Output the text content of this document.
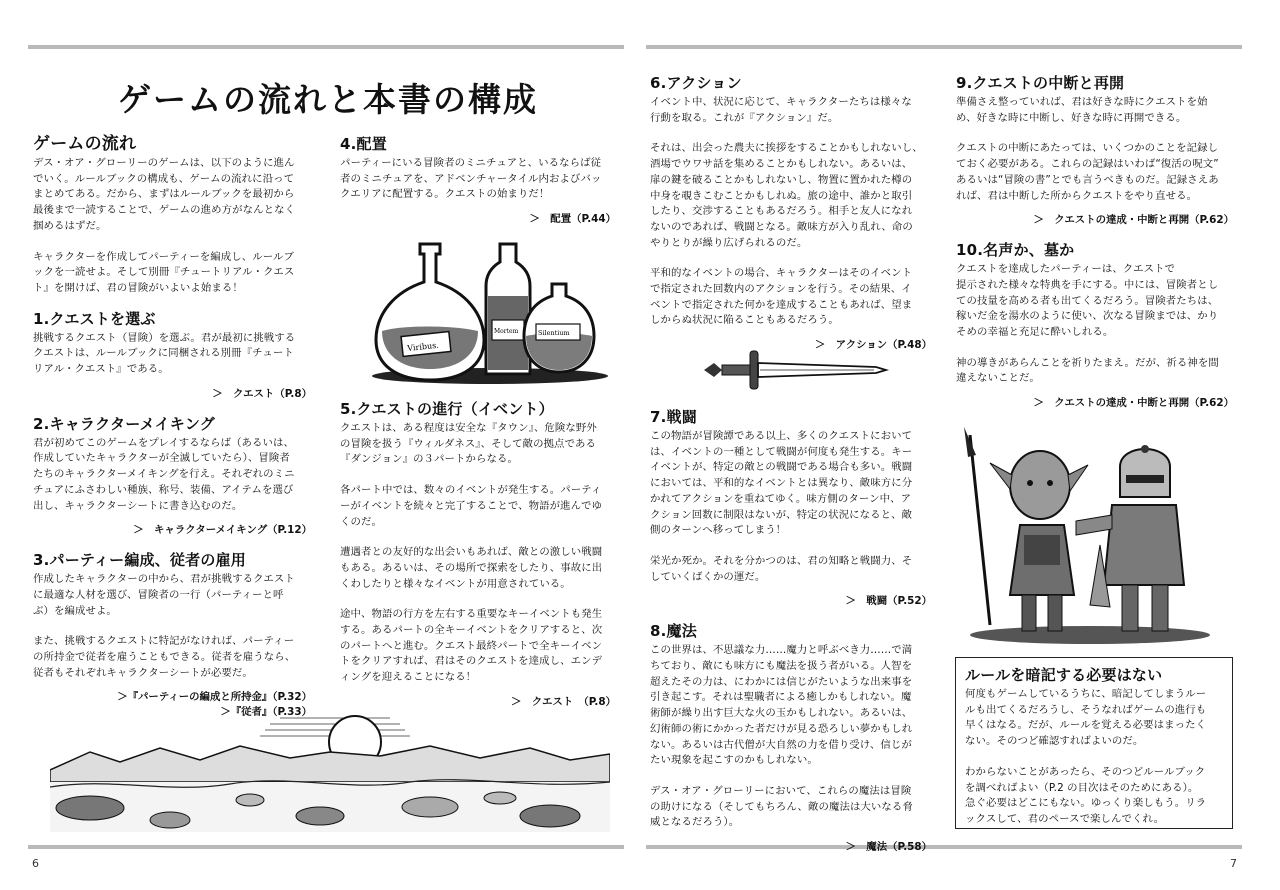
6	7
ゲームの流れと本書の構成
ゲームの流れ
デス・オア・グローリーのゲームは、以下のように進ん
でいく。ルールブックの構成も、ゲームの流れに沿って
まとめてある。だから、まずはルールブックを最初から
最後まで一読することで、ゲームの進め方がなんとなく
掴めるはずだ。
キャラクターを作成してパーティーを編成し、ルールブ
ックを一読せよ。そして別冊『チュートリアル・クエス
ト』を開けば、君の冒険がいよいよ始まる！
1.クエストを選ぶ
挑戦するクエスト（冒険）を選ぶ。君が最初に挑戦する
クエストは、ルールブックに同梱される別冊『チュート
リアル・クエスト』である。
＞　クエスト（P.8）
2.キャラクターメイキング
君が初めてこのゲームをプレイするならば（あるいは、
作成していたキャラクターが全滅していたら）、冒険者
たちのキャラクターメイキングを行え。それぞれのミニ
チュアにふさわしい種族、称号、装備、アイテムを選び
出し、キャラクターシートに書き込むのだ。
＞　キャラクターメイキング（P.12）
3.パーティー編成、従者の雇用
作成したキャラクターの中から、君が挑戦するクエスト
に最適な人材を選び、冒険者の一行（パーティーと呼
ぶ）を編成せよ。
また、挑戦するクエストに特記がなければ、パーティー
の所持金で従者を雇うこともできる。従者を雇うなら、
従者もそれぞれキャラクターシートが必要だ。
＞『パーティーの編成と所持金』（P.32）
＞『従者』（P.33）
4.配置
パーティーにいる冒険者のミニチュアと、いるならば従
者のミニチュアを、アドベンチャータイル内およびバッ
クエリアに配置する。クエストの始まりだ！
＞　配置（P.44）
Viribus.
Mortem	Silentium
5.クエストの進行（イベント）
クエストは、ある程度は安全な『タウン』、危険な野外
の冒険を扱う『ウィルダネス』、そして敵の拠点である
『ダンジョン』の３パートからなる。
各パート中では、数々のイベントが発生する。パーティ
ーがイベントを続々と完了することで、物語が進んでゆ
くのだ。
遭遇者との友好的な出会いもあれば、敵との激しい戦闘
もある。あるいは、その場所で探索をしたり、事故に出
くわしたりと様々なイベントが用意されている。
途中、物語の行方を左右する重要なキーイベントも発生
する。あるパートの全キーイベントをクリアすると、次
のパートへと進む。クエスト最終パートで全キーイベン
トをクリアすれば、君はそのクエストを達成し、エンデ
ィングを迎えることになる！
＞　クエスト　（P.8）
6.アクション
イベント中、状況に応じて、キャラクターたちは様々な
行動を取る。これが『アクション』だ。
それは、出会った農夫に挨拶をすることかもしれないし、
酒場でウワサ話を集めることかもしれない。あるいは、
扉の鍵を破ることかもしれないし、物置に置かれた樽の
中身を覗きこむことかもしれぬ。旅の途中、誰かと取引
したり、交渉することもあるだろう。相手と友人になれ
ないのであれば、戦闘となる。敵味方が入り乱れ、命の
やりとりが繰り広げられるのだ。
平和的なイベントの場合、キャラクターはそのイベント
で指定された回数内のアクションを行う。その結果、イ
ベントで指定された何かを達成することもあれば、望ま
しからぬ状況に陥ることもあるだろう。
＞　アクション（P.48）
7.戦闘
この物語が冒険譚である以上、多くのクエストにおいて
は、イベントの一種として戦闘が何度も発生する。キー
イベントが、特定の敵との戦闘である場合も多い。戦闘
においては、平和的なイベントとは異なり、敵味方に分
かれてアクションを重ねてゆく。味方側のターン中、ア
クション回数に制限はないが、特定の状況になると、敵
側のターンへ移ってしまう！
栄光か死か。それを分かつのは、君の知略と戦闘力、そ
していくばくかの運だ。
＞　戦闘（P.52）
8.魔法
この世界は、不思議な力……魔力と呼ぶべき力……で満
ちており、敵にも味方にも魔法を扱う者がいる。人智を
超えたその力は、にわかには信じがたいような出来事を
引き起こす。それは聖職者による癒しかもしれない。魔
術師が繰り出す巨大な火の玉かもしれない。あるいは、
幻術師の術にかかった者だけが見る恐ろしい夢かもしれ
ない。あるいは古代僧が大自然の力を借り受け、信じが
たい現象を起こすのかもしれない。
デス・オア・グローリーにおいて、これらの魔法は冒険
の助けになる（そしてもちろん、敵の魔法は大いなる脅
威となるだろう）。
＞　魔法（P.58）
9.クエストの中断と再開
準備さえ整っていれば、君は好きな時にクエストを始
め、好きな時に中断し、好きな時に再開できる。
クエストの中断にあたっては、いくつかのことを記録し
ておく必要がある。これらの記録はいわば“復活の呪文”
あるいは“冒険の書”とでも言うべきものだ。記録さえあ
れば、君は中断した所からクエストをやり直せる。
＞　クエストの達成・中断と再開（P.62）
10.名声か、墓か
クエストを達成したパーティーは、クエストで
提示された様々な特典を手にする。中には、冒険者とし
ての技量を高める者も出てくるだろう。冒険者たちは、
稼いだ金を湯水のように使い、次なる冒険までは、かり
そめの幸福と充足に酔いしれる。
神の導きがあらんことを祈りたまえ。だが、祈る神を間
違えないことだ。
＞　クエストの達成・中断と再開（P.62）
ルールを暗記する必要はない
何度もゲームしているうちに、暗記してしまうルー
ルも出てくるだろうし、そうなればゲームの進行も
早くはなる。だが、ルールを覚える必要はまったく
ない。そのつど確認すればよいのだ。
わからないことがあったら、そのつどルールブック
を調べればよい（P.2 の目次はそのためにある）。
急ぐ必要はどこにもない。ゆっくり楽しもう。リラ
ックスして、君のペースで楽しんでくれ。
